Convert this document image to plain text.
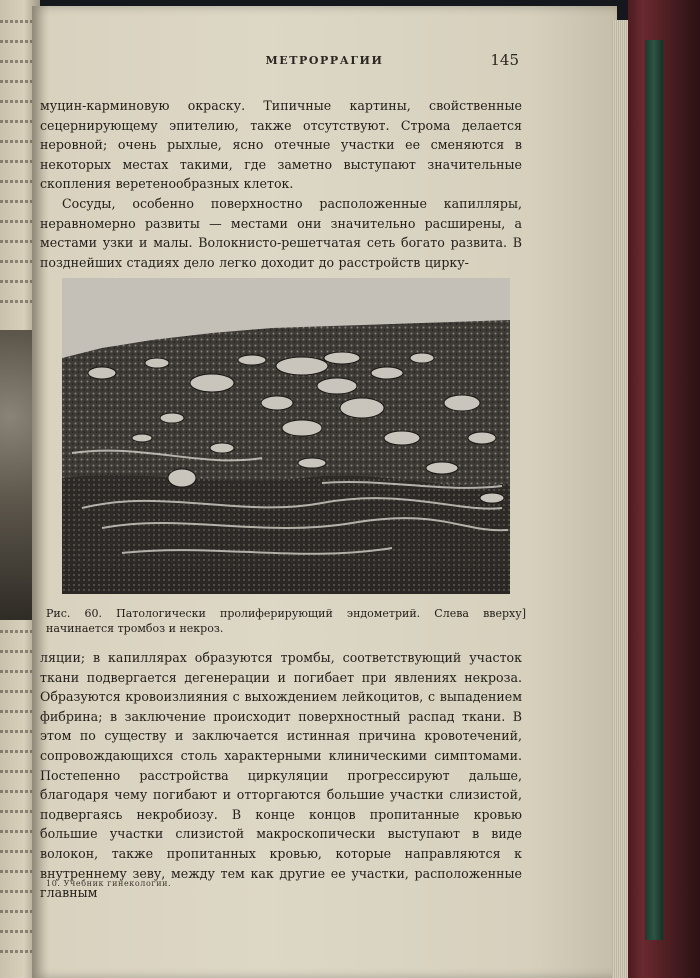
МЕТРОРРАГИИ	145

муцин-карминовую окраску. Типичные картины, свойственные сецернирующему эпителию, также отсутствуют. Строма делается неровной; очень рыхлые, ясно отечные участки ее сменяются в некоторых местах такими, где заметно выступают значительные скопления веретенообразных клеток.

Сосуды, особенно поверхностно расположенные капилляры, неравномерно развиты — местами они значительно расширены, а местами узки и малы. Волокнисто-решетчатая сеть богато развита. В позднейших стадиях дело легко доходит до расстройств цирку-

Рис. 60. Патологически пролиферирующий эндометрий. Слева вверху] начинается тромбоз и некроз.

ляции; в капиллярах образуются тромбы, соответствующий участок ткани подвергается дегенерации и погибает при явлениях некроза. Образуются кровоизлияния с выхождением лейкоцитов, с выпадением фибрина; в заключение происходит поверхностный распад ткани. В этом по существу и заключается истинная причина кровотечений, сопровождающихся столь характерными клиническими симптомами. Постепенно расстройства циркуляции прогрессируют дальше, благодаря чему погибают и отторгаются большие участки слизистой, подвергаясь некробиозу. В конце концов пропитанные кровью большие участки слизистой макроскопически выступают в виде волокон, также пропитанных кровью, которые направляются к внутреннему зеву, между тем как другие ее участки, расположенные главным

10. Учебник гинекологии.
